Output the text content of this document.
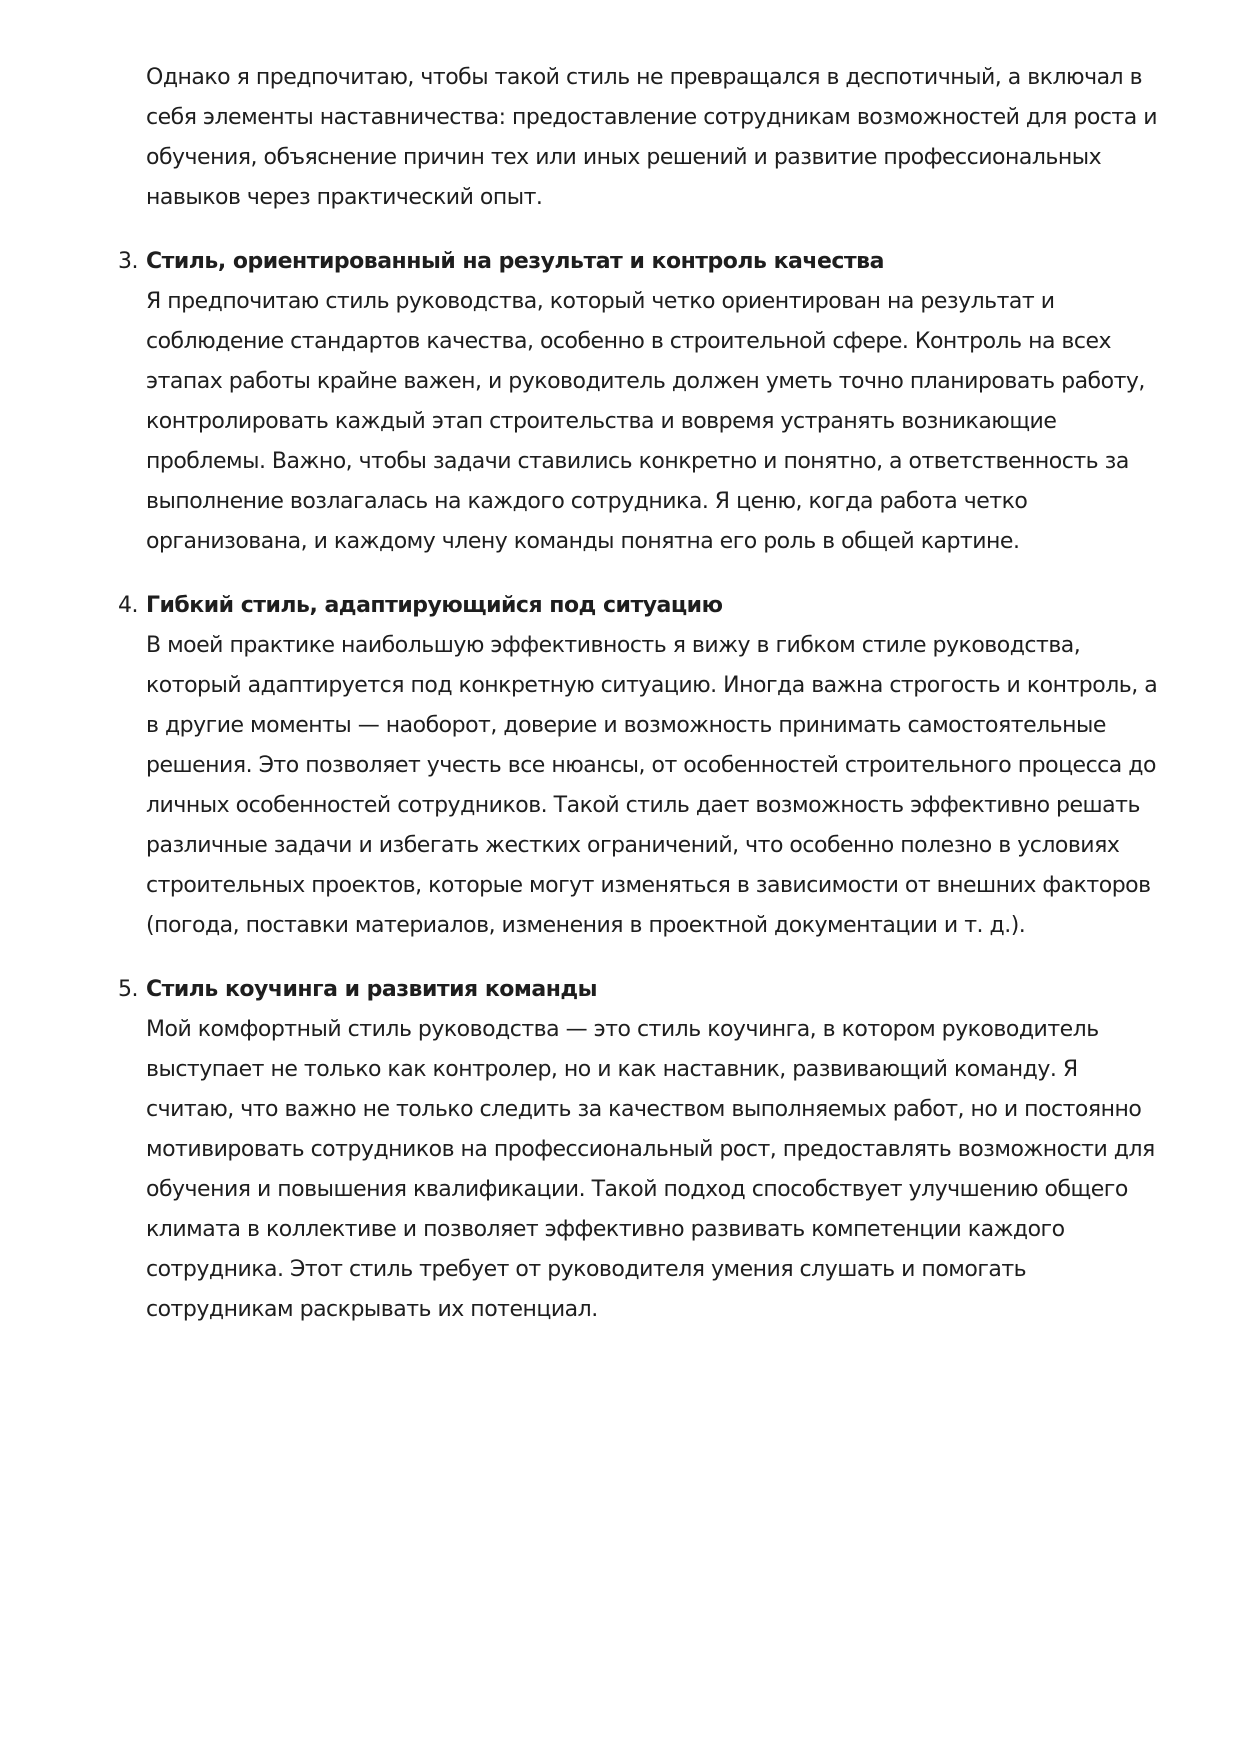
Однако я предпочитаю, чтобы такой стиль не превращался в деспотичный, а включал в себя элементы наставничества: предоставление сотрудникам возможностей для роста и обучения, объяснение причин тех или иных решений и развитие профессиональных навыков через практический опыт.

3. Стиль, ориентированный на результат и контроль качества

Я предпочитаю стиль руководства, который четко ориентирован на результат и соблюдение стандартов качества, особенно в строительной сфере. Контроль на всех этапах работы крайне важен, и руководитель должен уметь точно планировать работу, контролировать каждый этап строительства и вовремя устранять возникающие проблемы. Важно, чтобы задачи ставились конкретно и понятно, а ответственность за выполнение возлагалась на каждого сотрудника. Я ценю, когда работа четко организована, и каждому члену команды понятна его роль в общей картине.

4. Гибкий стиль, адаптирующийся под ситуацию

В моей практике наибольшую эффективность я вижу в гибком стиле руководства, который адаптируется под конкретную ситуацию. Иногда важна строгость и контроль, а в другие моменты — наоборот, доверие и возможность принимать самостоятельные решения. Это позволяет учесть все нюансы, от особенностей строительного процесса до личных особенностей сотрудников. Такой стиль дает возможность эффективно решать различные задачи и избегать жестких ограничений, что особенно полезно в условиях строительных проектов, которые могут изменяться в зависимости от внешних факторов (погода, поставки материалов, изменения в проектной документации и т. д.).

5. Стиль коучинга и развития команды

Мой комфортный стиль руководства — это стиль коучинга, в котором руководитель выступает не только как контролер, но и как наставник, развивающий команду. Я считаю, что важно не только следить за качеством выполняемых работ, но и постоянно мотивировать сотрудников на профессиональный рост, предоставлять возможности для обучения и повышения квалификации. Такой подход способствует улучшению общего климата в коллективе и позволяет эффективно развивать компетенции каждого сотрудника. Этот стиль требует от руководителя умения слушать и помогать сотрудникам раскрывать их потенциал.
